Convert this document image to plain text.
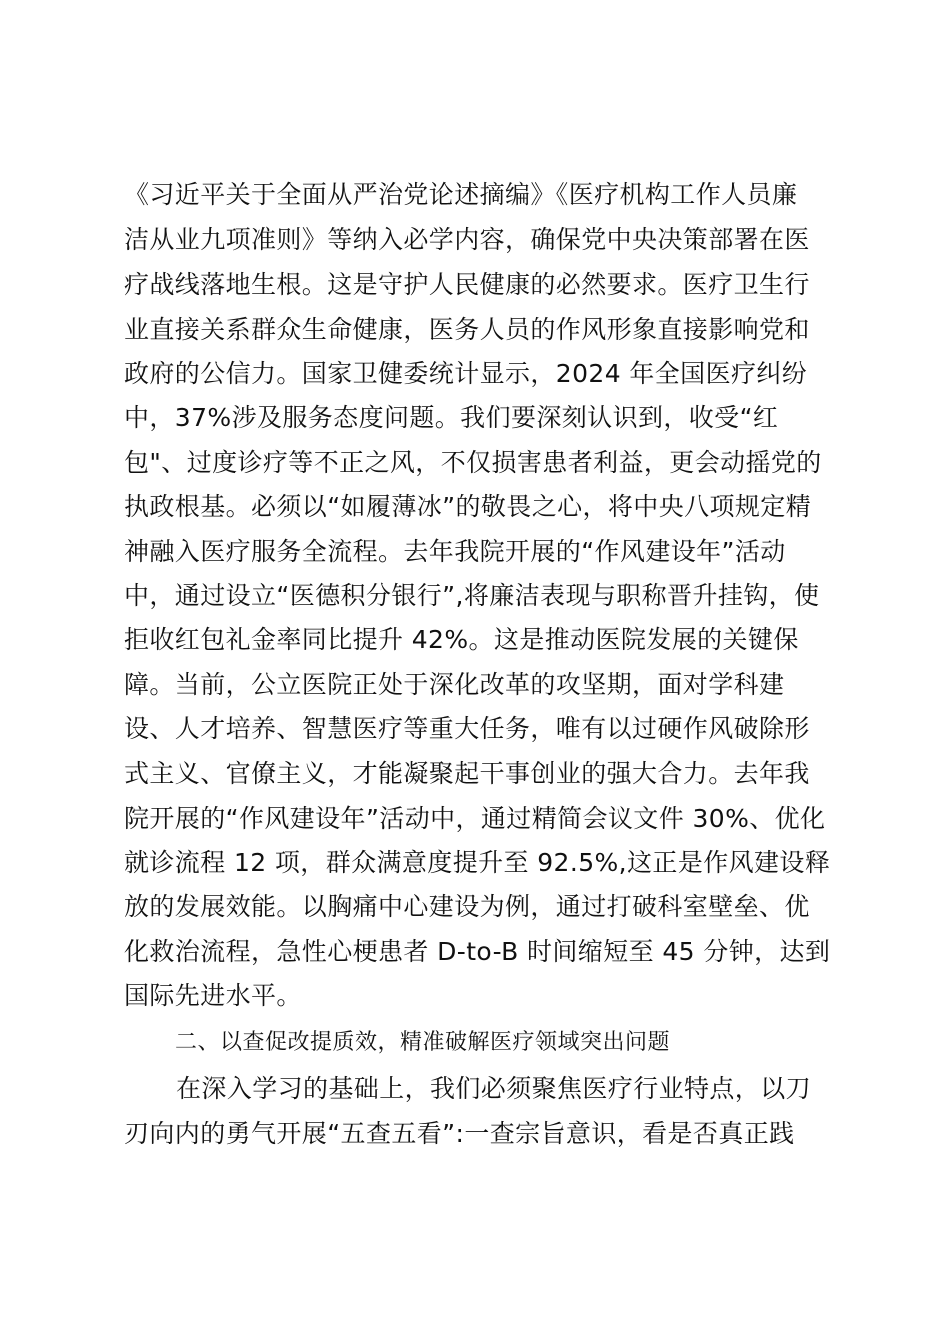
《习近平关于全面从严治党论述摘编》《医疗机构工作人员廉
洁从业九项准则》等纳入必学内容，确保党中央决策部署在医
疗战线落地生根。这是守护人民健康的必然要求。医疗卫生行
业直接关系群众生命健康，医务人员的作风形象直接影响党和
政府的公信力。国家卫健委统计显示，2024 年全国医疗纠纷
中，37%涉及服务态度问题。我们要深刻认识到，收受“红
包"、过度诊疗等不正之风，不仅损害患者利益，更会动摇党的
执政根基。必须以“如履薄冰”的敬畏之心，将中央八项规定精
神融入医疗服务全流程。去年我院开展的“作风建设年”活动
中，通过设立“医德积分银行”,将廉洁表现与职称晋升挂钩，使
拒收红包礼金率同比提升 42%。这是推动医院发展的关键保
障。当前，公立医院正处于深化改革的攻坚期，面对学科建
设、人才培养、智慧医疗等重大任务，唯有以过硬作风破除形
式主义、官僚主义，才能凝聚起干事创业的强大合力。去年我
院开展的“作风建设年”活动中，通过精简会议文件 30%、优化
就诊流程 12 项，群众满意度提升至 92.5%,这正是作风建设释
放的发展效能。以胸痛中心建设为例，通过打破科室壁垒、优
化救治流程，急性心梗患者 D-to-B 时间缩短至 45 分钟，达到
国际先进水平。
二、以查促改提质效，精准破解医疗领域突出问题
在深入学习的基础上，我们必须聚焦医疗行业特点，以刀
刃向内的勇气开展“五查五看”:一查宗旨意识，看是否真正践
